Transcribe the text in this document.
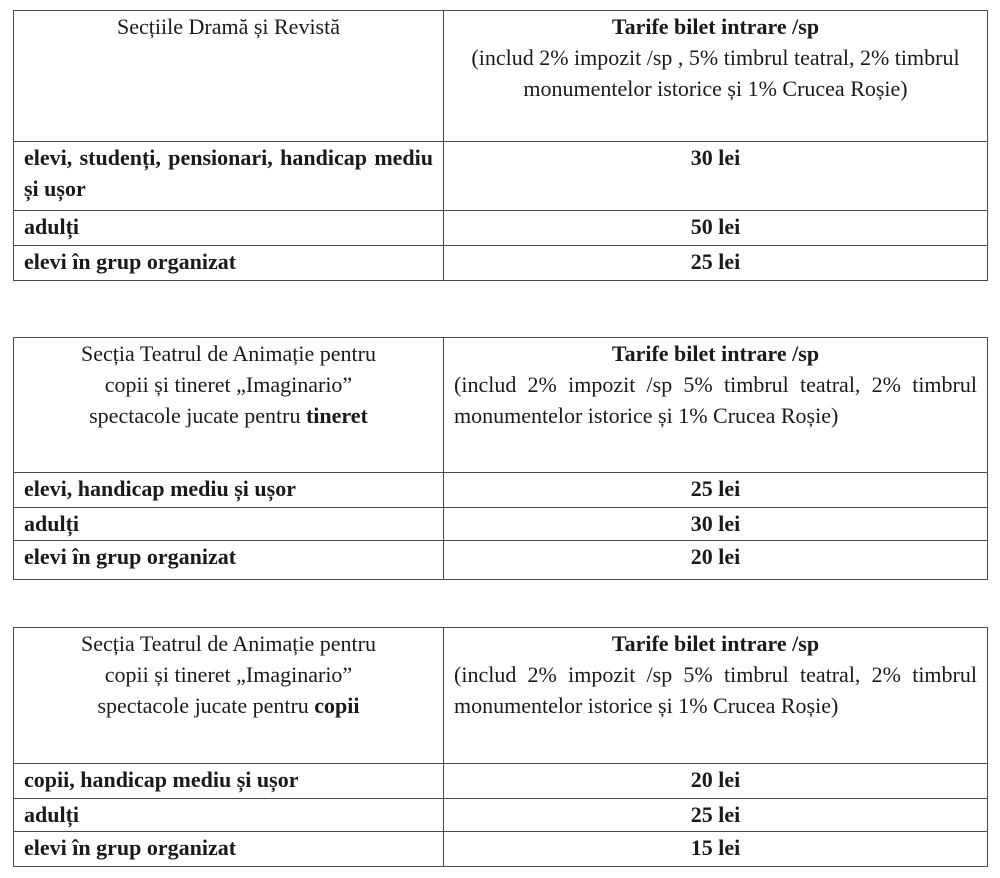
Secțiile Dramă și Revistă	Tarife bilet intrare /sp
(includ 2% impozit /sp , 5% timbrul teatral, 2% timbrul monumentelor istorice și 1% Crucea Roșie)

elevi, studenți, pensionari, handicap mediu și ușor	30 lei
adulți	50 lei
elevi în grup organizat	25 lei
Secția Teatrul de Animație pentru
copii și tineret „Imaginario”
spectacole jucate pentru tineret	Tarife bilet intrare /sp
(includ 2% impozit /sp 5% timbrul teatral, 2% timbrul monumentelor istorice și 1% Crucea Roșie)

elevi, handicap mediu și ușor	25 lei
adulți	30 lei
elevi în grup organizat	20 lei
Secția Teatrul de Animație pentru
copii și tineret „Imaginario”
spectacole jucate pentru copii	Tarife bilet intrare /sp
(includ 2% impozit /sp 5% timbrul teatral, 2% timbrul monumentelor istorice și 1% Crucea Roșie)

copii, handicap mediu și ușor	20 lei
adulți	25 lei
elevi în grup organizat	15 lei
